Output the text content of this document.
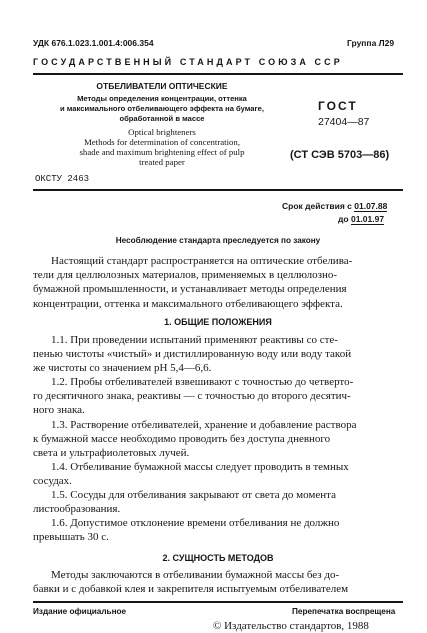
УДК 676.1.023.1.001.4:006.354	Группа Л29
ГОСУДАРСТВЕННЫЙ СТАНДАРТ СОЮЗА ССР
ОТБЕЛИВАТЕЛИ ОПТИЧЕСКИЕ
Методы определения концентрации, оттенка
и максимального отбеливающего эффекта на бумаге,
обработанной в массе
Optical brighteners
Methods for determination of concentration,
shade and maximum brightening effect of pulp
treated paper
ОКСТУ 2463
ГОСТ
27404—87
(СТ СЭВ 5703—86)
Срок действия с 01.07.88
до 01.01.97
Несоблюдение стандарта преследуется по закону
Настоящий стандарт распространяется на оптические отбелива-
тели для целлюлозных материалов, применяемых в целлюлозно-
бумажной промышленности, и устанавливает методы определения
концентрации, оттенка и максимального отбеливающего эффекта.
1. ОБЩИЕ ПОЛОЖЕНИЯ
1.1. При проведении испытаний применяют реактивы со сте-
пенью чистоты «чистый» и дистиллированную воду или воду такой
же чистоты со значением pH 5,4—6,6.
1.2. Пробы отбеливателей взвешивают с точностью до четверто-
го десятичного знака, реактивы — с точностью до второго десятич-
ного знака.
1.3. Растворение отбеливателей, хранение и добавление раствора
к бумажной массе необходимо проводить без доступа дневного
света и ультрафиолетовых лучей.
1.4. Отбеливание бумажной массы следует проводить в темных
сосудах.
1.5. Сосуды для отбеливания закрывают от света до момента
листообразования.
1.6. Допустимое отклонение времени отбеливания не должно
превышать 30 с.
2. СУЩНОСТЬ МЕТОДОВ
Методы заключаются в отбеливании бумажной массы без до-
бавки и с добавкой клея и закрепителя испытуемым отбеливателем
Издание официальное	Перепечатка воспрещена
© Издательство стандартов, 1988
